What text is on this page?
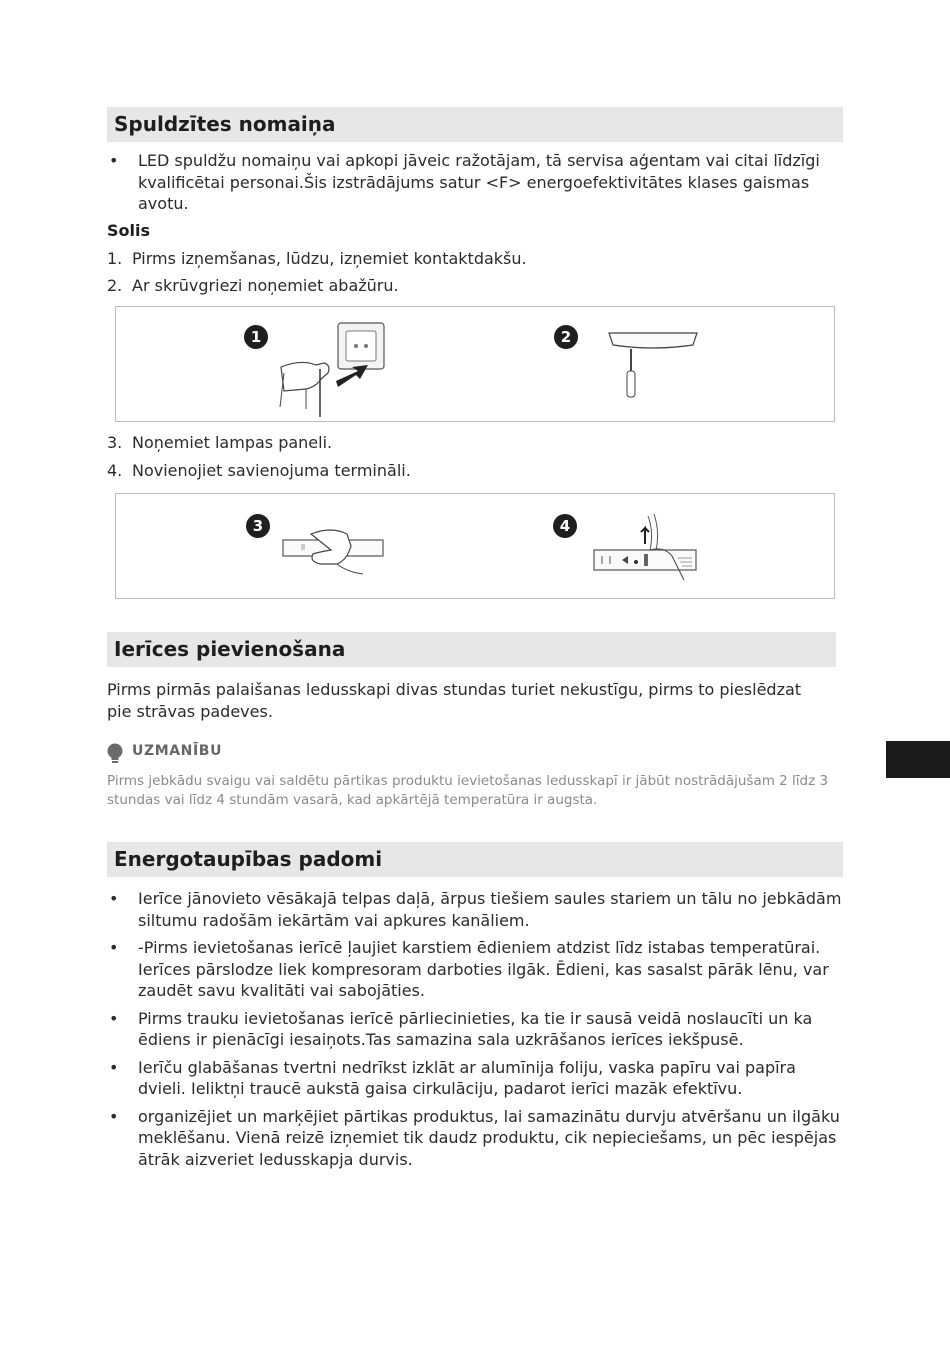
Spuldzītes nomaiņa
• LED spuldžu nomaiņu vai apkopi jāveic ražotājam, tā servisa aģentam vai citai līdzīgi kvalificētai personai.Šis izstrādājums satur <F> energoefektivitātes klases gaismas avotu.
Solis
1. Pirms izņemšanas, lūdzu, izņemiet kontaktdakšu.
2. Ar skrūvgriezi noņemiet abažūru.
1	2
3. Noņemiet lampas paneli.
4. Novienojiet savienojuma termināli.
3	4
Ierīces pievienošana
Pirms pirmās palaišanas ledusskapi divas stundas turiet nekustīgu, pirms to pieslēdzat pie strāvas padeves.
UZMANĪBU
Pirms jebkādu svaigu vai saldētu pārtikas produktu ievietošanas ledusskapī ir jābūt nostrādājušam 2 līdz 3 stundas vai līdz 4 stundām vasarā, kad apkārtējā temperatūra ir augsta.
Energotaupības padomi
• Ierīce jānovieto vēsākajā telpas daļā, ārpus tiešiem saules stariem un tālu no jebkādām siltumu radošām iekārtām vai apkures kanāliem.
• -Pirms ievietošanas ierīcē ļaujiet karstiem ēdieniem atdzist līdz istabas temperatūrai. Ierīces pārslodze liek kompresoram darboties ilgāk. Ēdieni, kas sasalst pārāk lēnu, var zaudēt savu kvalitāti vai sabojāties.
• Pirms trauku ievietošanas ierīcē pārliecinieties, ka tie ir sausā veidā noslaucīti un ka ēdiens ir pienācīgi iesaiņots.Tas samazina sala uzkrāšanos ierīces iekšpusē.
• Ierīču glabāšanas tvertni nedrīkst izklāt ar alumīnija foliju, vaska papīru vai papīra dvieli. Ieliktņi traucē aukstā gaisa cirkulāciju, padarot ierīci mazāk efektīvu.
• organizējiet un marķējiet pārtikas produktus, lai samazinātu durvju atvēršanu un ilgāku meklēšanu. Vienā reizē izņemiet tik daudz produktu, cik nepieciešams, un pēc iespējas ātrāk aizveriet ledusskapja durvis.
